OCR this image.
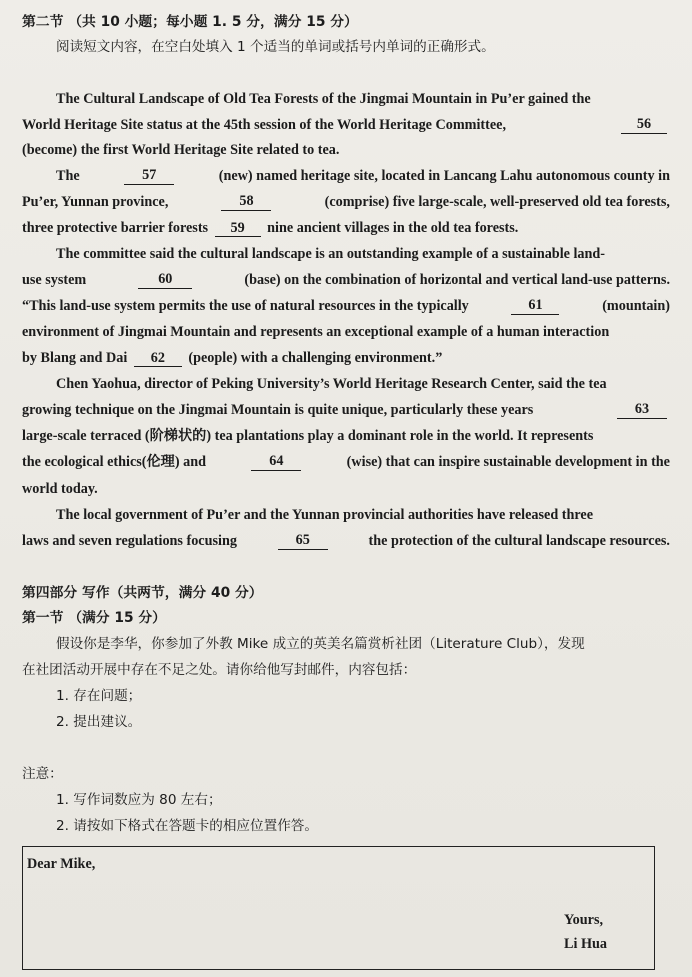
第二节 （共 10 小题；每小题 1. 5 分，满分 15 分）
阅读短文内容，在空白处填入 1 个适当的单词或括号内单词的正确形式。
The Cultural Landscape of Old Tea Forests of the Jingmai Mountain in Pu’er gained the
World Heritage Site status at the 45th session of the World Heritage Committee,	56
(become) the first World Heritage Site related to tea.
The	57	(new) named heritage site, located in Lancang Lahu autonomous county in
Pu’er, Yunnan province,	58	(comprise) five large-scale, well-preserved old tea forests,
three protective barrier forests 59 nine ancient villages in the old tea forests.
The committee said the cultural landscape is an outstanding example of a sustainable land-
use system	60	(base) on the combination of horizontal and vertical land-use patterns.
“This land-use system permits the use of natural resources in the typically	61	(mountain)
environment of Jingmai Mountain and represents an exceptional example of a human interaction
by Blang and Dai 62 (people) with a challenging environment.”
Chen Yaohua, director of Peking University’s World Heritage Research Center, said the tea
growing technique on the Jingmai Mountain is quite unique, particularly these years	63
large-scale terraced (阶梯状的) tea plantations play a dominant role in the world. It represents
the ecological ethics(伦理) and	64	(wise) that can inspire sustainable development in the
world today.
The local government of Pu’er and the Yunnan provincial authorities have released three
laws and seven regulations focusing	65	the protection of the cultural landscape resources.
第四部分 写作（共两节，满分 40 分）
第一节 （满分 15 分）
假设你是李华，你参加了外教 Mike 成立的英美名篇赏析社团（Literature Club），发现
在社团活动开展中存在不足之处。请你给他写封邮件，内容包括：
1. 存在问题；
2. 提出建议。
注意：
1. 写作词数应为 80 左右；
2. 请按如下格式在答题卡的相应位置作答。
Dear Mike,
Yours,
Li Hua
